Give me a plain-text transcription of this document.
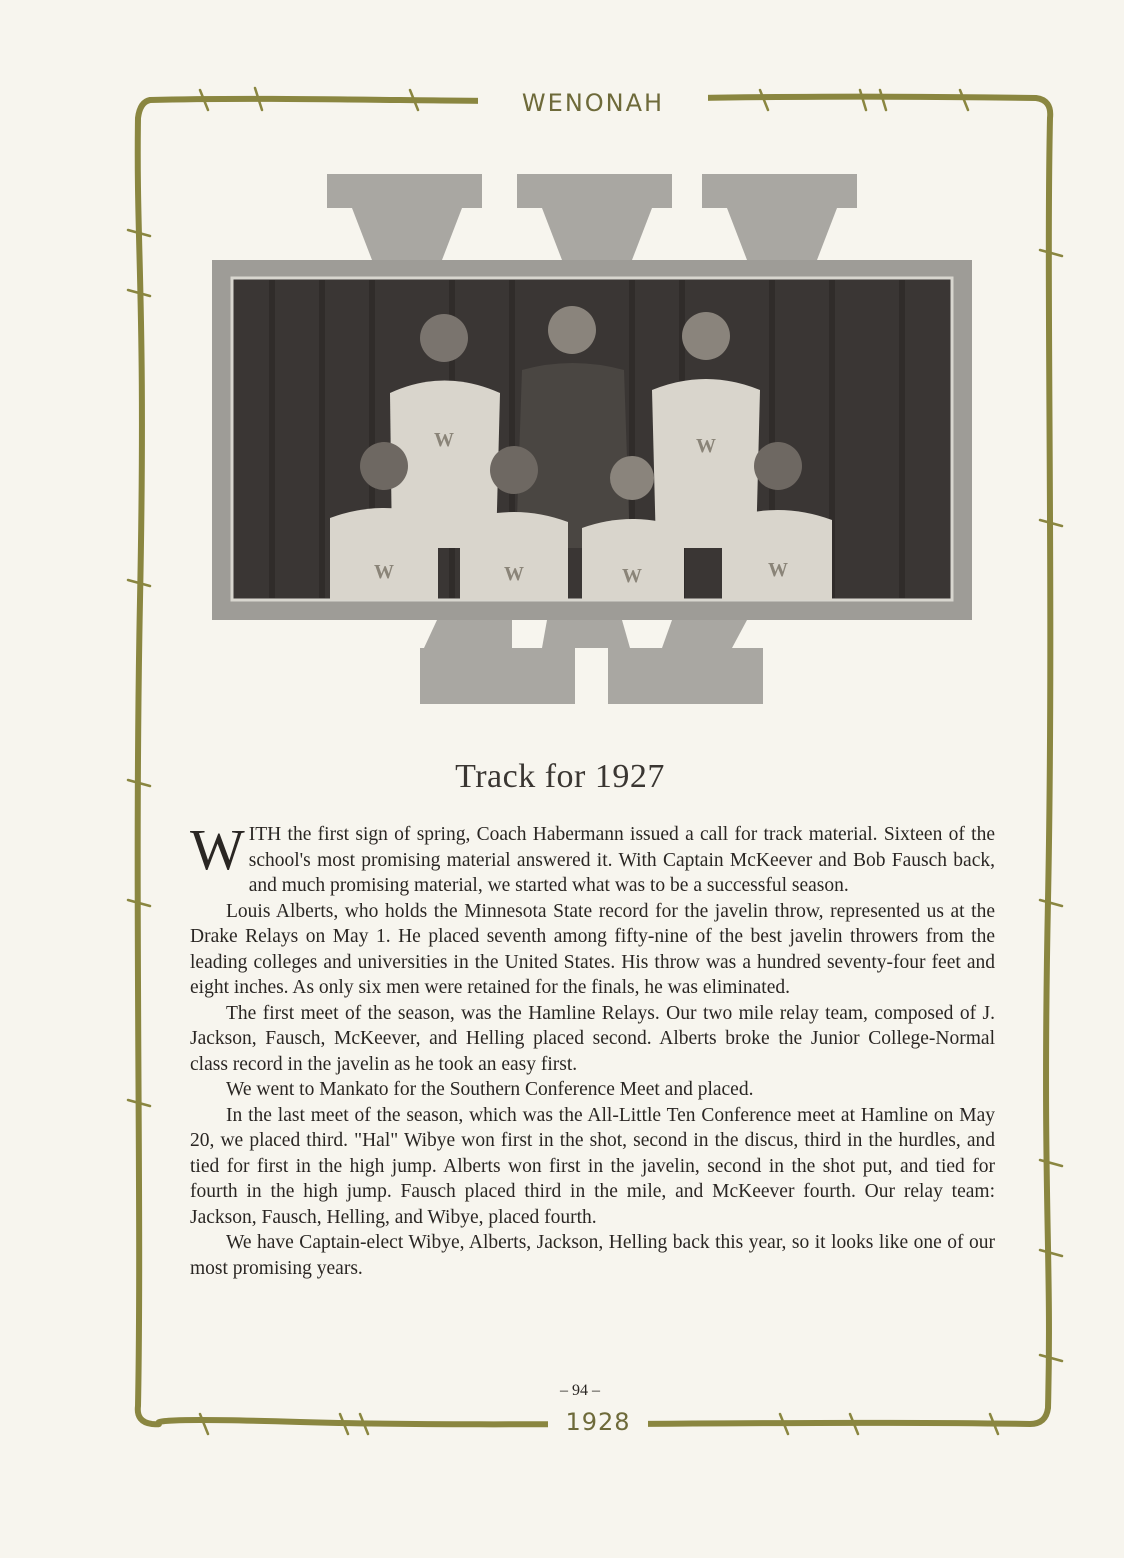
WENONAH
W	W
W	W	W	W
Track for 1927

WITH the first sign of spring, Coach Habermann issued a call for track material. Sixteen of the school's most promising material answered it. With Captain McKeever and Bob Fausch back, and much promising material, we started what was to be a successful season.

Louis Alberts, who holds the Minnesota State record for the javelin throw, represented us at the Drake Relays on May 1. He placed seventh among fifty-nine of the best javelin throwers from the leading colleges and universities in the United States. His throw was a hundred seventy-four feet and eight inches. As only six men were retained for the finals, he was eliminated.

The first meet of the season, was the Hamline Relays. Our two mile relay team, composed of J. Jackson, Fausch, McKeever, and Helling placed second. Alberts broke the Junior College-Normal class record in the javelin as he took an easy first.

We went to Mankato for the Southern Conference Meet and placed.

In the last meet of the season, which was the All-Little Ten Conference meet at Hamline on May 20, we placed third. "Hal" Wibye won first in the shot, second in the discus, third in the hurdles, and tied for first in the high jump. Alberts won first in the javelin, second in the shot put, and tied for fourth in the high jump. Fausch placed third in the mile, and McKeever fourth. Our relay team: Jackson, Fausch, Helling, and Wibye, placed fourth.

We have Captain-elect Wibye, Alberts, Jackson, Helling back this year, so it looks like one of our most promising years.

– 94 –
1928
